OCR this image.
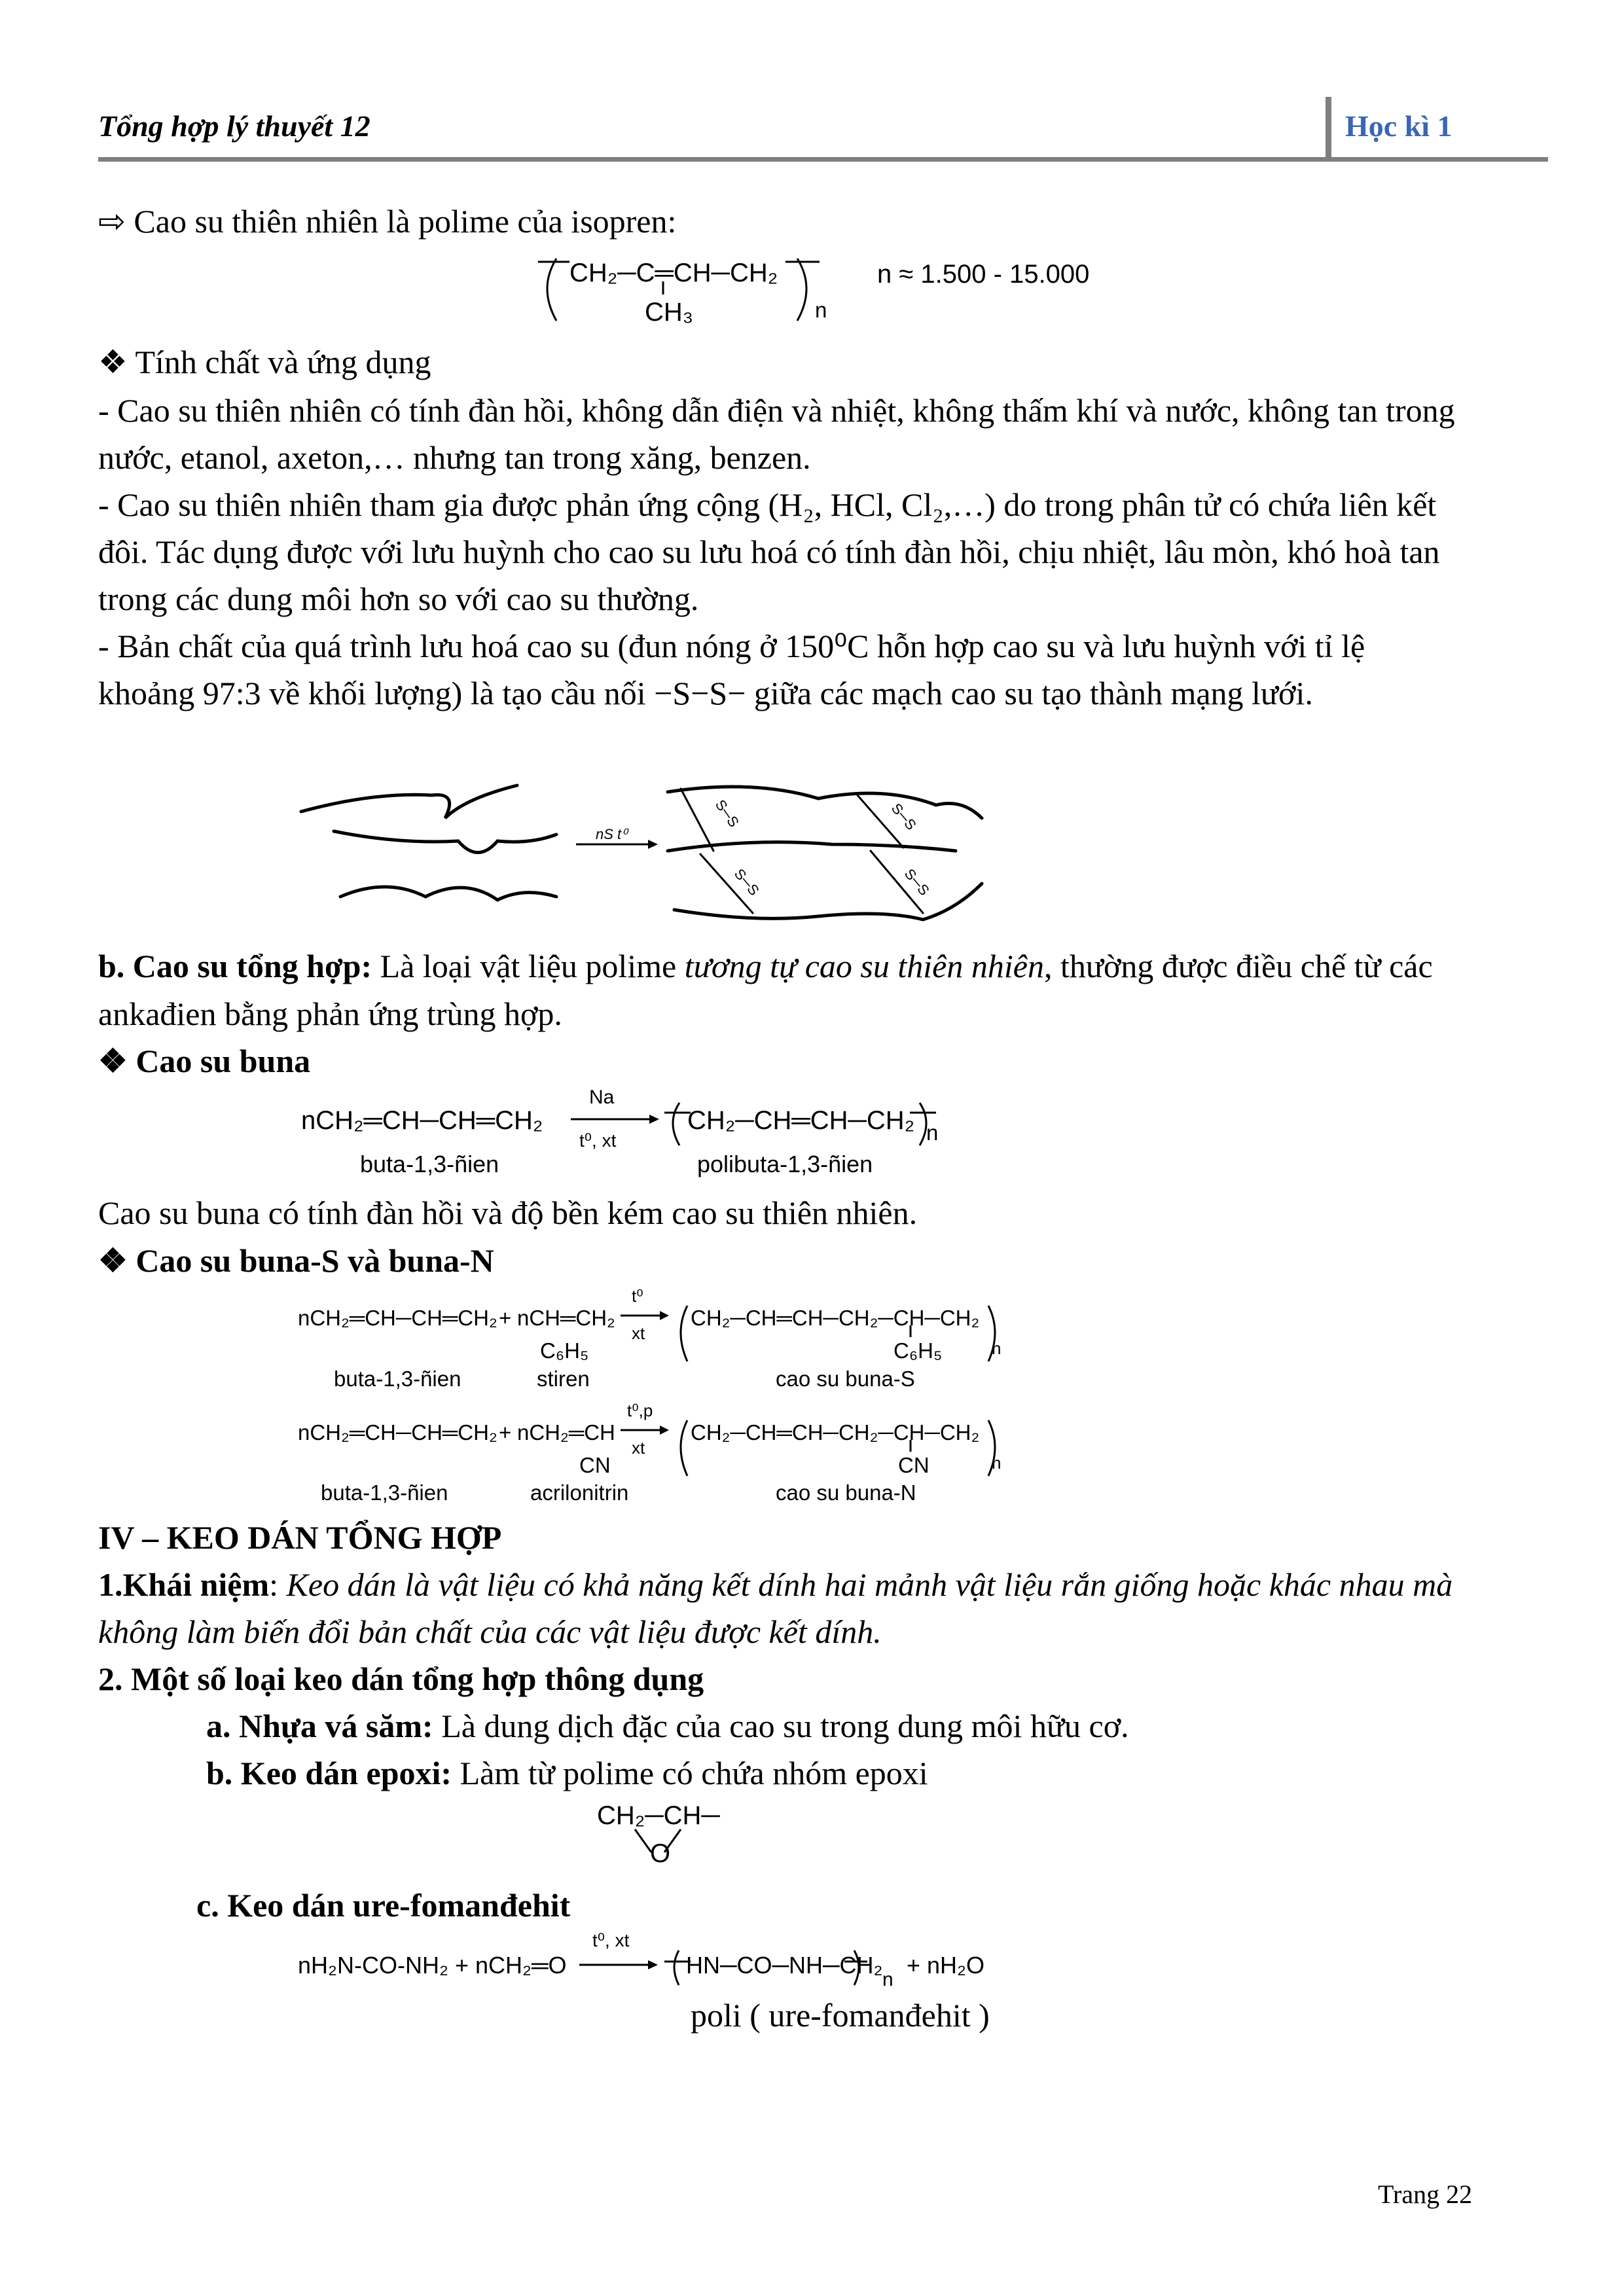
Tổng hợp lý thuyết 12	Học kì 1
⇨ Cao su thiên nhiên là polime của isopren:
CH₂─C═CH─CH₂
CH₃	n
n ≈ 1.500 - 15.000
❖ Tính chất và ứng dụng
- Cao su thiên nhiên có tính đàn hồi, không dẫn điện và nhiệt, không thấm khí và nước, không tan trong
nước, etanol, axeton,… nhưng tan trong xăng, benzen.
- Cao su thiên nhiên tham gia được phản ứng cộng (H₂, HCl, Cl₂,…) do trong phân tử có chứa liên kết
đôi. Tác dụng được với lưu huỳnh cho cao su lưu hoá có tính đàn hồi, chịu nhiệt, lâu mòn, khó hoà tan
trong các dung môi hơn so với cao su thường.
- Bản chất của quá trình lưu hoá cao su (đun nóng ở 150⁰C hỗn hợp cao su và lưu huỳnh với tỉ lệ
khoảng 97:3 về khối lượng) là tạo cầu nối −S−S− giữa các mạch cao su tạo thành mạng lưới.
nS t⁰
S─S	S─S
S─S	S─S
b. Cao su tổng hợp: Là loại vật liệu polime tương tự cao su thiên nhiên, thường được điều chế từ các
ankađien bằng phản ứng trùng hợp.
❖ Cao su buna
nCH₂═CH─CH═CH₂
Na
t⁰, xt
CH₂─CH═CH─CH₂ n
buta-1,3-ñien	polibuta-1,3-ñien
Cao su buna có tính đàn hồi và độ bền kém cao su thiên nhiên.
❖ Cao su buna-S và buna-N
nCH₂═CH─CH═CH₂ + nCH═CH₂
C₆H₅
t⁰
xt
CH₂─CH═CH─CH₂─CH─CH₂
C₆H₅	n
buta-1,3-ñien	stiren	cao su buna-S
nCH₂═CH─CH═CH₂ + nCH₂═CH
CN
t⁰,p
xt
CH₂─CH═CH─CH₂─CH─CH₂
CN	n
buta-1,3-ñien	acrilonitrin	cao su buna-N
IV – KEO DÁN TỔNG HỢP
1.Khái niệm: Keo dán là vật liệu có khả năng kết dính hai mảnh vật liệu rắn giống hoặc khác nhau mà
không làm biến đổi bản chất của các vật liệu được kết dính.
2. Một số loại keo dán tổng hợp thông dụng
a. Nhựa vá săm: Là dung dịch đặc của cao su trong dung môi hữu cơ.
b. Keo dán epoxi: Làm từ polime có chứa nhóm epoxi
CH₂─CH─
O
c. Keo dán ure-fomanđehit
nH₂N-CO-NH₂ + nCH₂═O
t⁰, xt
HN─CO─NH─CH₂
n
+ nH₂O
poli ( ure-fomanđehit )
Trang 22
